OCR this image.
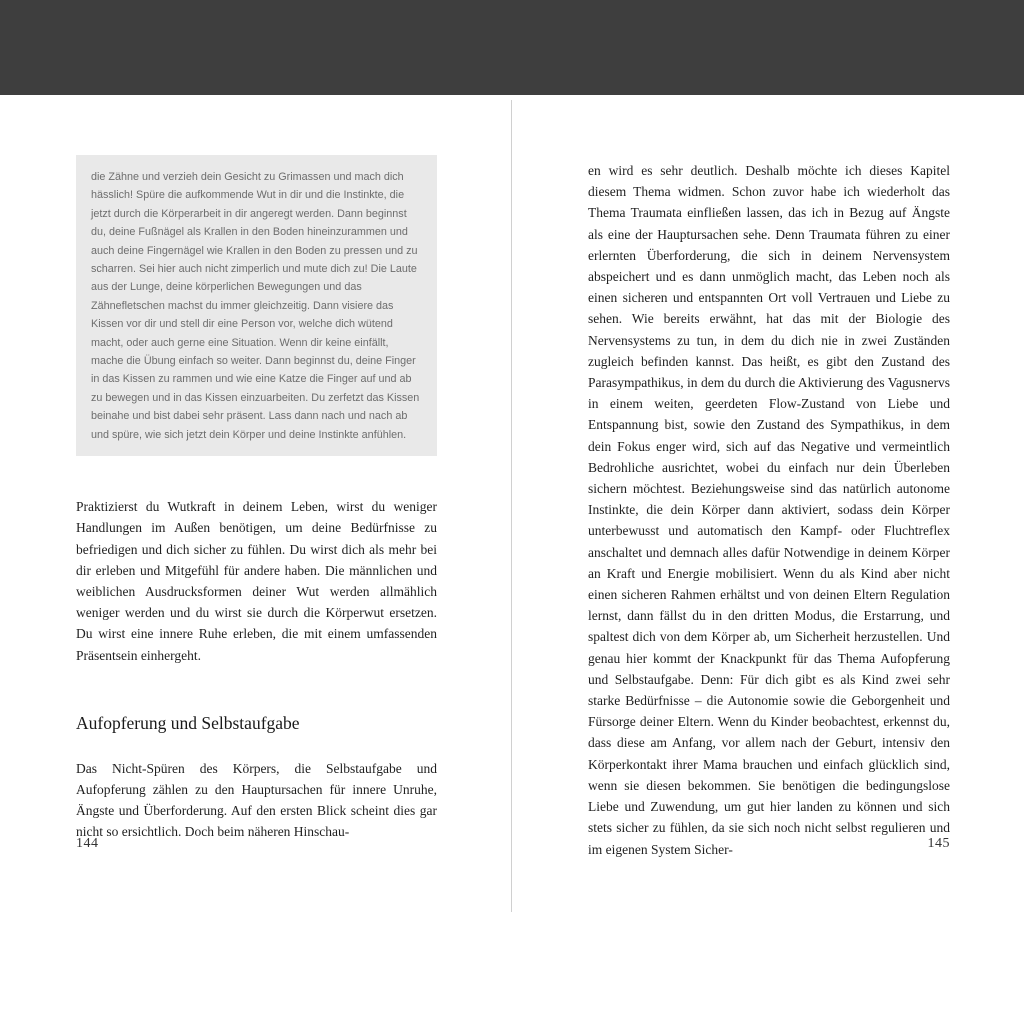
die Zähne und verzieh dein Gesicht zu Grimassen und mach dich hässlich! Spüre die aufkommende Wut in dir und die Instinkte, die jetzt durch die Körperarbeit in dir angeregt werden. Dann beginnst du, deine Fußnägel als Krallen in den Boden hineinzurammen und auch deine Fingernägel wie Krallen in den Boden zu pressen und zu scharren. Sei hier auch nicht zimperlich und mute dich zu! Die Laute aus der Lunge, deine körperlichen Bewegungen und das Zähnefletschen machst du immer gleichzeitig. Dann visiere das Kissen vor dir und stell dir eine Person vor, welche dich wütend macht, oder auch gerne eine Situation. Wenn dir keine einfällt, mache die Übung einfach so weiter. Dann beginnst du, deine Finger in das Kissen zu rammen und wie eine Katze die Finger auf und ab zu bewegen und in das Kissen einzuarbeiten. Du zerfetzt das Kissen beinahe und bist dabei sehr präsent. Lass dann nach und nach ab und spüre, wie sich jetzt dein Körper und deine Instinkte anfühlen.

Praktizierst du Wutkraft in deinem Leben, wirst du weniger Handlungen im Außen benötigen, um deine Bedürfnisse zu befriedigen und dich sicher zu fühlen. Du wirst dich als mehr bei dir erleben und Mitgefühl für andere haben. Die männlichen und weiblichen Ausdrucksformen deiner Wut werden allmählich weniger werden und du wirst sie durch die Körperwut ersetzen. Du wirst eine innere Ruhe erleben, die mit einem umfassenden Präsentsein einhergeht.

Aufopferung und Selbstaufgabe

Das Nicht-Spüren des Körpers, die Selbstaufgabe und Aufopferung zählen zu den Hauptursachen für innere Unruhe, Ängste und Überforderung. Auf den ersten Blick scheint dies gar nicht so ersichtlich. Doch beim näheren Hinschau-

144

en wird es sehr deutlich. Deshalb möchte ich dieses Kapitel diesem Thema widmen. Schon zuvor habe ich wiederholt das Thema Traumata einfließen lassen, das ich in Bezug auf Ängste als eine der Hauptursachen sehe. Denn Traumata führen zu einer erlernten Überforderung, die sich in deinem Nervensystem abspeichert und es dann unmöglich macht, das Leben noch als einen sicheren und entspannten Ort voll Vertrauen und Liebe zu sehen. Wie bereits erwähnt, hat das mit der Biologie des Nervensystems zu tun, in dem du dich nie in zwei Zuständen zugleich befinden kannst. Das heißt, es gibt den Zustand des Parasympathikus, in dem du durch die Aktivierung des Vagusnervs in einem weiten, geerdeten Flow-Zustand von Liebe und Entspannung bist, sowie den Zustand des Sympathikus, in dem dein Fokus enger wird, sich auf das Negative und vermeintlich Bedrohliche ausrichtet, wobei du einfach nur dein Überleben sichern möchtest. Beziehungsweise sind das natürlich autonome Instinkte, die dein Körper dann aktiviert, sodass dein Körper unterbewusst und automatisch den Kampf- oder Fluchtreflex anschaltet und demnach alles dafür Notwendige in deinem Körper an Kraft und Energie mobilisiert. Wenn du als Kind aber nicht einen sicheren Rahmen erhältst und von deinen Eltern Regulation lernst, dann fällst du in den dritten Modus, die Erstarrung, und spaltest dich von dem Körper ab, um Sicherheit herzustellen. Und genau hier kommt der Knackpunkt für das Thema Aufopferung und Selbstaufgabe. Denn: Für dich gibt es als Kind zwei sehr starke Bedürfnisse – die Autonomie sowie die Geborgenheit und Fürsorge deiner Eltern. Wenn du Kinder beobachtest, erkennst du, dass diese am Anfang, vor allem nach der Geburt, intensiv den Körperkontakt ihrer Mama brauchen und einfach glücklich sind, wenn sie diesen bekommen. Sie benötigen die bedingungslose Liebe und Zuwendung, um gut hier landen zu können und sich stets sicher zu fühlen, da sie sich noch nicht selbst regulieren und im eigenen System Sicher-	145
